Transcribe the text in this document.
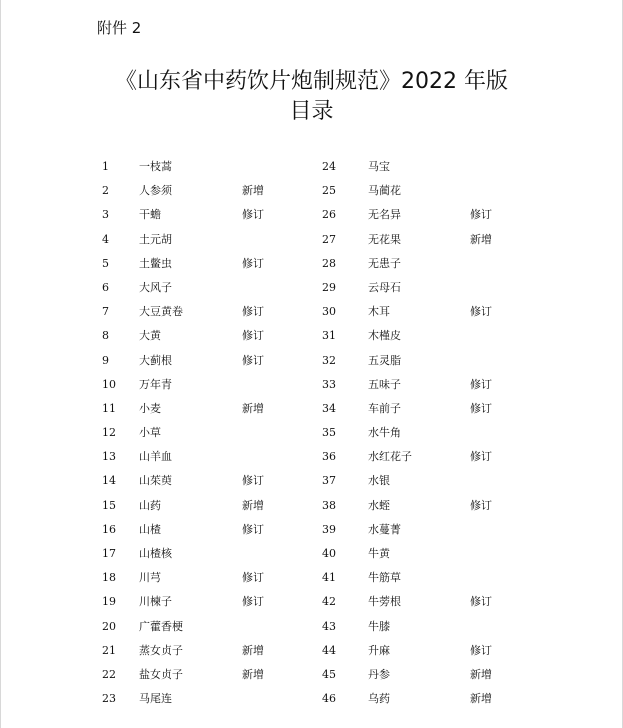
附件 2
《山东省中药饮片炮制规范》2022 年版
目录
1	一枝蒿	24	马宝
2	人参须	新增	25	马蔺花
3	干蟾	修订	26	无名异	修订
4	土元胡	27	无花果	新增
5	土鳖虫	修订	28	无患子
6	大风子	29	云母石
7	大豆黄卷	修订	30	木耳	修订
8	大黄	修订	31	木槿皮
9	大蓟根	修订	32	五灵脂
10 万年青	33	五味子	修订
11 小麦	新增	34	车前子	修订
12 小草	35	水牛角
13 山羊血	36	水红花子	修订
14 山茱萸	修订	37	水银
15 山药	新增	38	水蛭	修订
16 山楂	修订	39	水蔓菁
17 山楂核	40	牛黄
18 川芎	修订	41	牛筋草
19 川楝子	修订	42	牛蒡根	修订
20 广藿香梗	43	牛膝
21 蒸女贞子	新增	44	升麻	修订
22 盐女贞子	新增	45	丹参	新增
23 马尾连	46	乌药	新增
